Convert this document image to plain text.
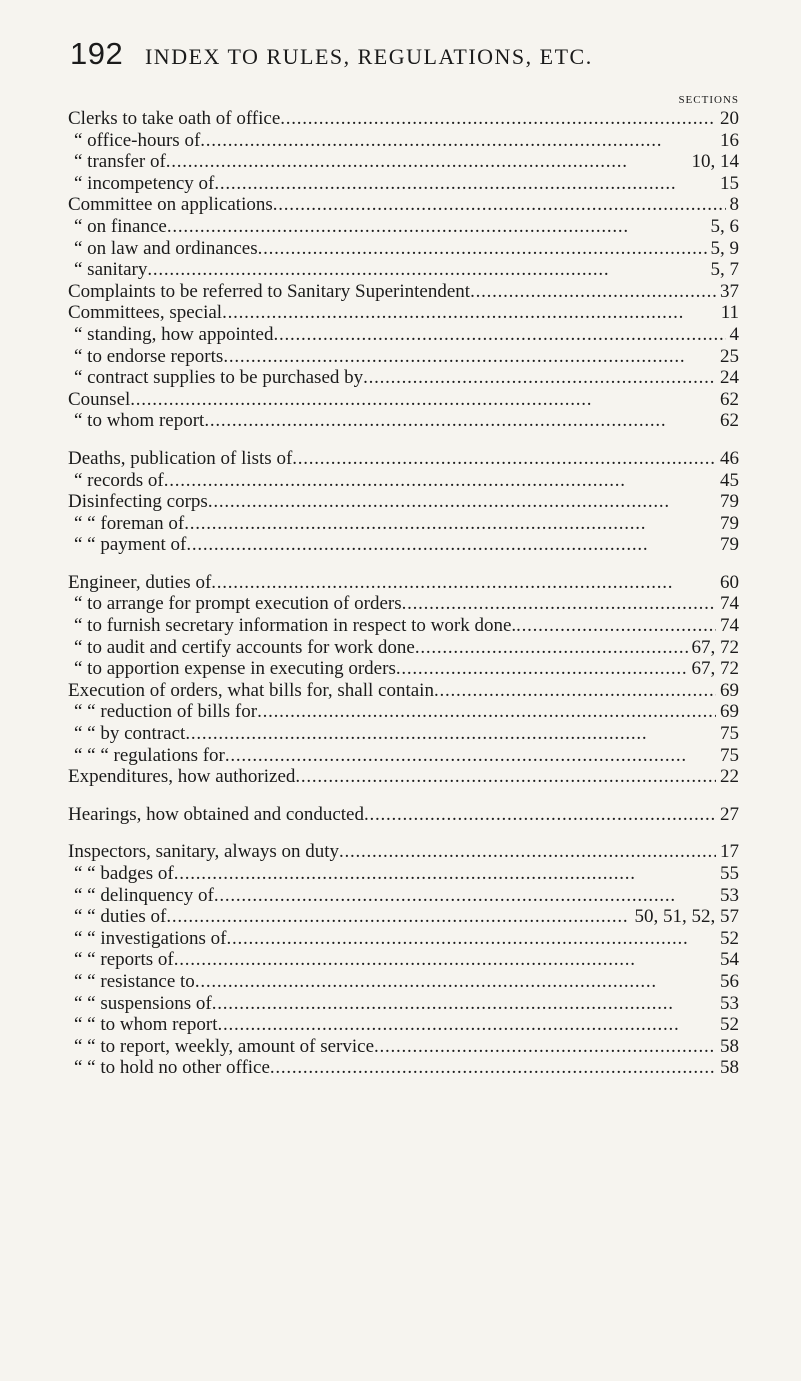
192 INDEX TO RULES, REGULATIONS, ETC.
SECTIONS
Clerks to take oath of office . . .	20
“ office-hours of . . .	16
“ transfer of . . .	10, 14
“ incompetency of . . .	15
Committee on applications . . .	8
“ on finance . . .	5, 6
“ on law and ordinances . . .	5, 9
“ sanitary . . .	5, 7
Complaints to be referred to Sanitary Superintendent . . .	37
Committees, special . . .	11
“ standing, how appointed . . .	4
“ to endorse reports . . .	25
“ contract supplies to be purchased by . . .	24
Counsel . . .	62
“ to whom report . . .	62
Deaths, publication of lists of . . .	46
“ records of . . .	45
Disinfecting corps . . .	79
“ “ foreman of . . .	79
“ “ payment of . . .	79
Engineer, duties of . . .	60
“ to arrange for prompt execution of orders . . .	74
“ to furnish secretary information in respect to work done. . . .	74
“ to audit and certify accounts for work done . . .	67, 72
“ to apportion expense in executing orders . . .	67, 72
Execution of orders, what bills for, shall contain . . .	69
“ “ reduction of bills for . . .	69
“ “ by contract . . .	75
“ “ “ regulations for . . .	75
Expenditures, how authorized . . .	22
Hearings, how obtained and conducted . . .	27
Inspectors, sanitary, always on duty . . .	17
“ “ badges of . . .	55
“ “ delinquency of . . .	53
“ “ duties of . . .	50, 51, 52, 57
“ “ investigations of . . .	52
“ “ reports of . . .	54
“ “ resistance to . . .	56
“ “ suspensions of . . .	53
“ “ to whom report . . .	52
“ “ to report, weekly, amount of service . . .	58
“ “ to hold no other office . . .	58
